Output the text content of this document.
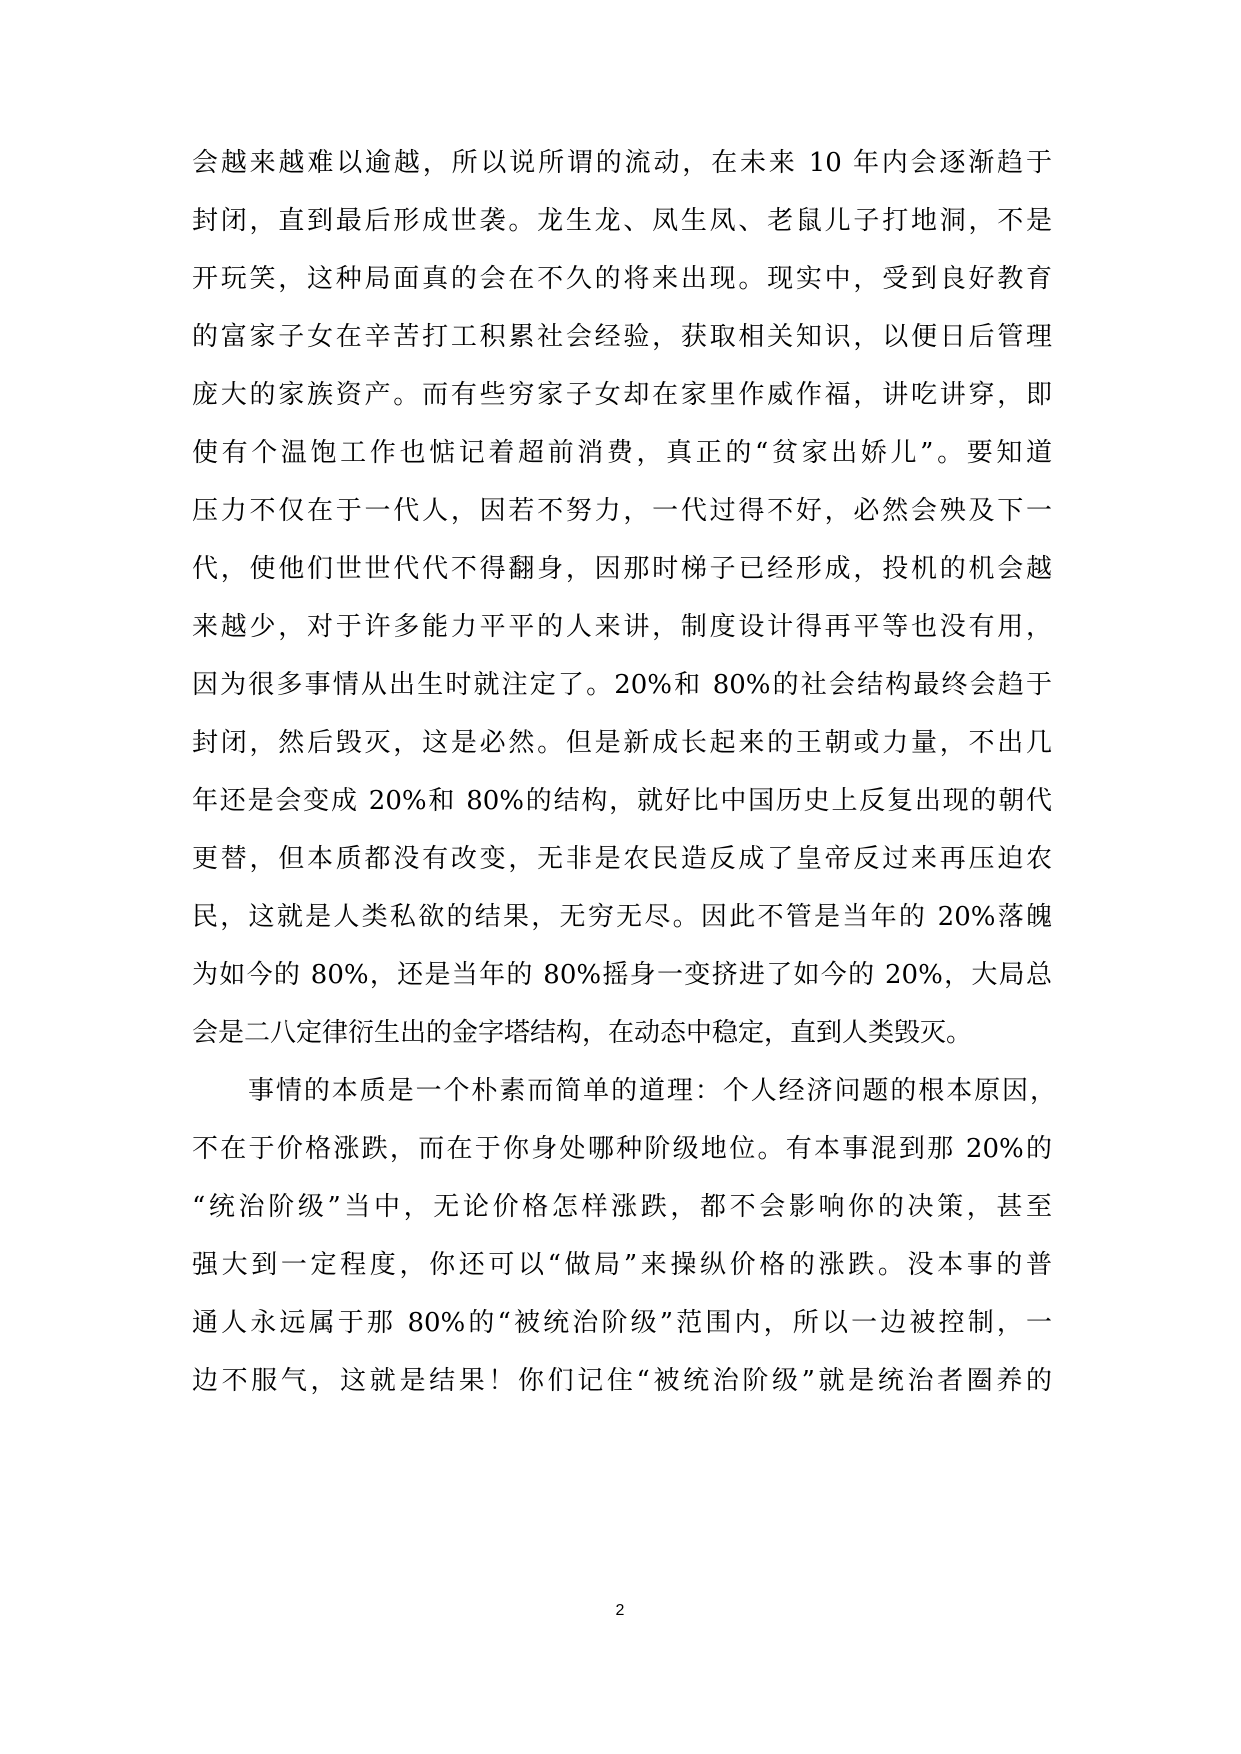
会越来越难以逾越，所以说所谓的流动，在未来 10 年内会逐渐趋于
封闭，直到最后形成世袭。龙生龙、凤生凤、老鼠儿子打地洞，不是
开玩笑，这种局面真的会在不久的将来出现。现实中，受到良好教育
的富家子女在辛苦打工积累社会经验，获取相关知识，以便日后管理
庞大的家族资产。而有些穷家子女却在家里作威作福，讲吃讲穿，即
使有个温饱工作也惦记着超前消费，真正的“贫家出娇儿”。要知道
压力不仅在于一代人，因若不努力，一代过得不好，必然会殃及下一
代，使他们世世代代不得翻身，因那时梯子已经形成，投机的机会越
来越少，对于许多能力平平的人来讲，制度设计得再平等也没有用，
因为很多事情从出生时就注定了。20%和 80%的社会结构最终会趋于
封闭，然后毁灭，这是必然。但是新成长起来的王朝或力量，不出几
年还是会变成 20%和 80%的结构，就好比中国历史上反复出现的朝代
更替，但本质都没有改变，无非是农民造反成了皇帝反过来再压迫农
民，这就是人类私欲的结果，无穷无尽。因此不管是当年的 20%落魄
为如今的 80%，还是当年的 80%摇身一变挤进了如今的 20%，大局总
会是二八定律衍生出的金字塔结构，在动态中稳定，直到人类毁灭。
事情的本质是一个朴素而简单的道理：个人经济问题的根本原因，
不在于价格涨跌，而在于你身处哪种阶级地位。有本事混到那 20%的
“统治阶级”当中，无论价格怎样涨跌，都不会影响你的决策，甚至
强大到一定程度，你还可以“做局”来操纵价格的涨跌。没本事的普
通人永远属于那 80%的“被统治阶级”范围内，所以一边被控制，一
边不服气，这就是结果！你们记住“被统治阶级”就是统治者圈养的
2
